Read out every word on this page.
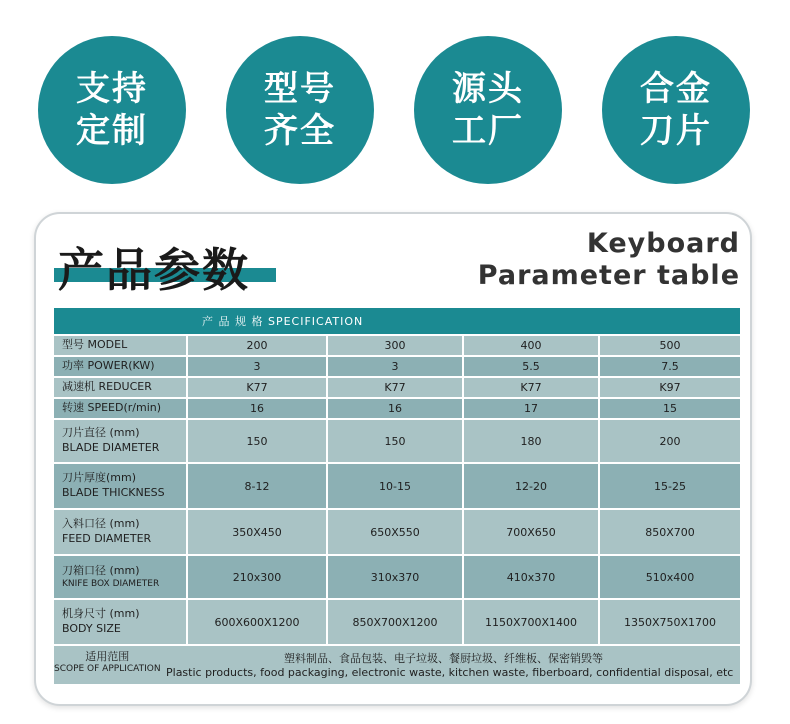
支持
定制
型号
齐全
源头
工厂
合金
刀片
产品参数	Keyboard
Parameter table
产 品 规 格 SPECIFICATION				
型号 MODEL	200	300	400	500
功率 POWER(KW)	3	3	5.5	7.5
减速机 REDUCER	K77	K77	K77	K97
转速 SPEED(r/min)	16	16	17	15

刀片直径 (mm)
BLADE DIAMETER	150	150	180	200

刀片厚度(mm)
BLADE THICKNESS	8-12	10-15	12-20	15-25

入料口径 (mm)
FEED DIAMETER	350X450	650X550	700X650	850X700

刀箱口径 (mm)
KNIFE BOX DIAMETER	210x300	310x370	410x370	510x400

机身尺寸 (mm)
BODY SIZE	600X600X1200	850X700X1200	1150X700X1400	1350X750X1700

适用范围
SCOPE OF APPLICATION
塑料制品、食品包装、电子垃圾、餐厨垃圾、纤维板、保密销毁等
Plastic products, food packaging, electronic waste, kitchen waste, fiberboard, confidential disposal, etc				
